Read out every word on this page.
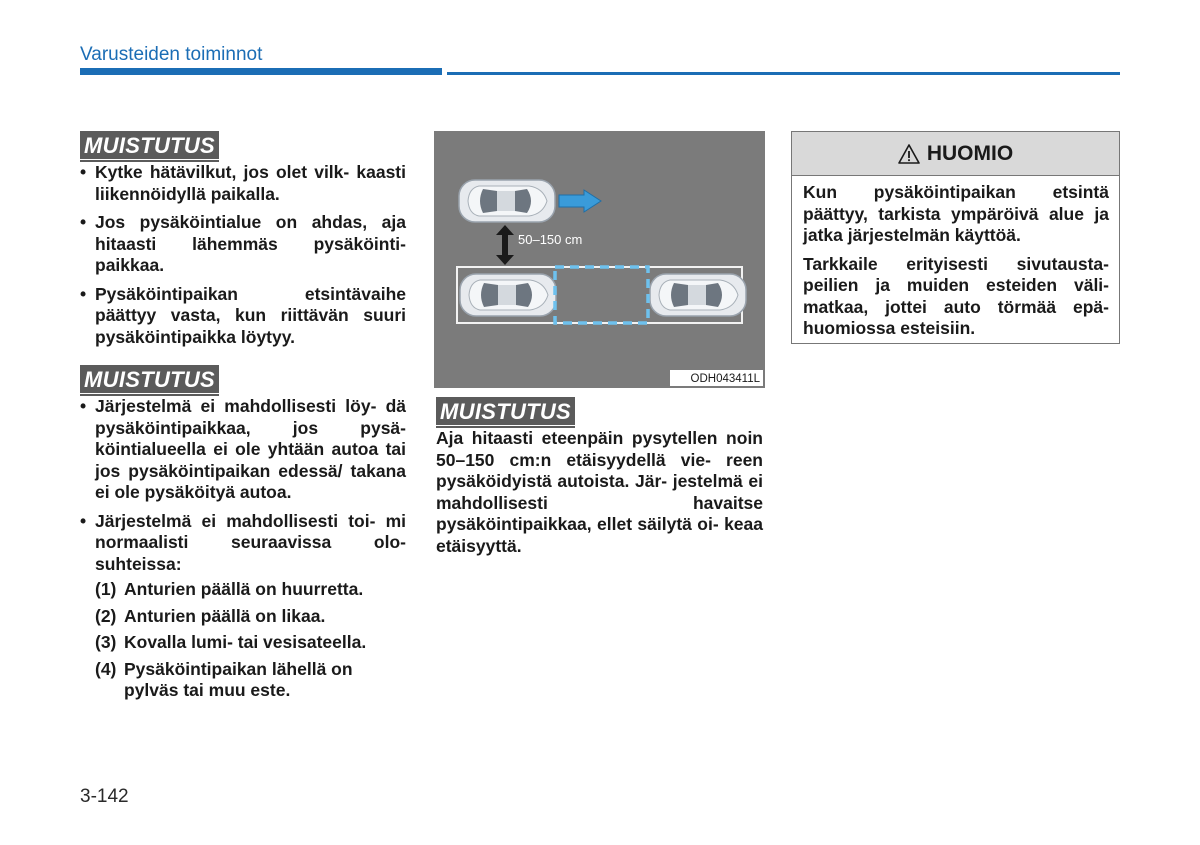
Varusteiden toiminnot
MUISTUTUS
• Kytke hätävilkut, jos olet vilk- kaasti liikennöidyllä paikalla.
• Jos pysäköintialue on ahdas, aja hitaasti lähemmäs pysäköinti- paikkaa.
• Pysäköintipaikan etsintävaihe päättyy vasta, kun riittävän suuri pysäköintipaikka löytyy.
MUISTUTUS
• Järjestelmä ei mahdollisesti löy- dä pysäköintipaikkaa, jos pysä- köintialueella ei ole yhtään autoa tai jos pysäköintipaikan edessä/ takana ei ole pysäköityä autoa.
• Järjestelmä ei mahdollisesti toi- mi normaalisti seuraavissa olo- suhteissa:
(1) Anturien päällä on huurretta.
(2) Anturien päällä on likaa.
(3) Kovalla lumi- tai vesisateella.
(4) Pysäköintipaikan lähellä on pylväs tai muu este.
50–150 cm
ODH043411L
MUISTUTUS
Aja hitaasti eteenpäin pysytellen noin 50–150 cm:n etäisyydellä vie- reen pysäköidyistä autoista. Jär- jestelmä ei mahdollisesti havaitse pysäköintipaikkaa, ellet säilytä oi- keaa etäisyyttä.
HUOMIO

Kun pysäköintipaikan etsintä päättyy, tarkista ympäröivä alue ja jatka järjestelmän käyttöä.

Tarkkaile erityisesti sivutausta- peilien ja muiden esteiden väli- matkaa, jottei auto törmää epä- huomiossa esteisiin.

3-142
